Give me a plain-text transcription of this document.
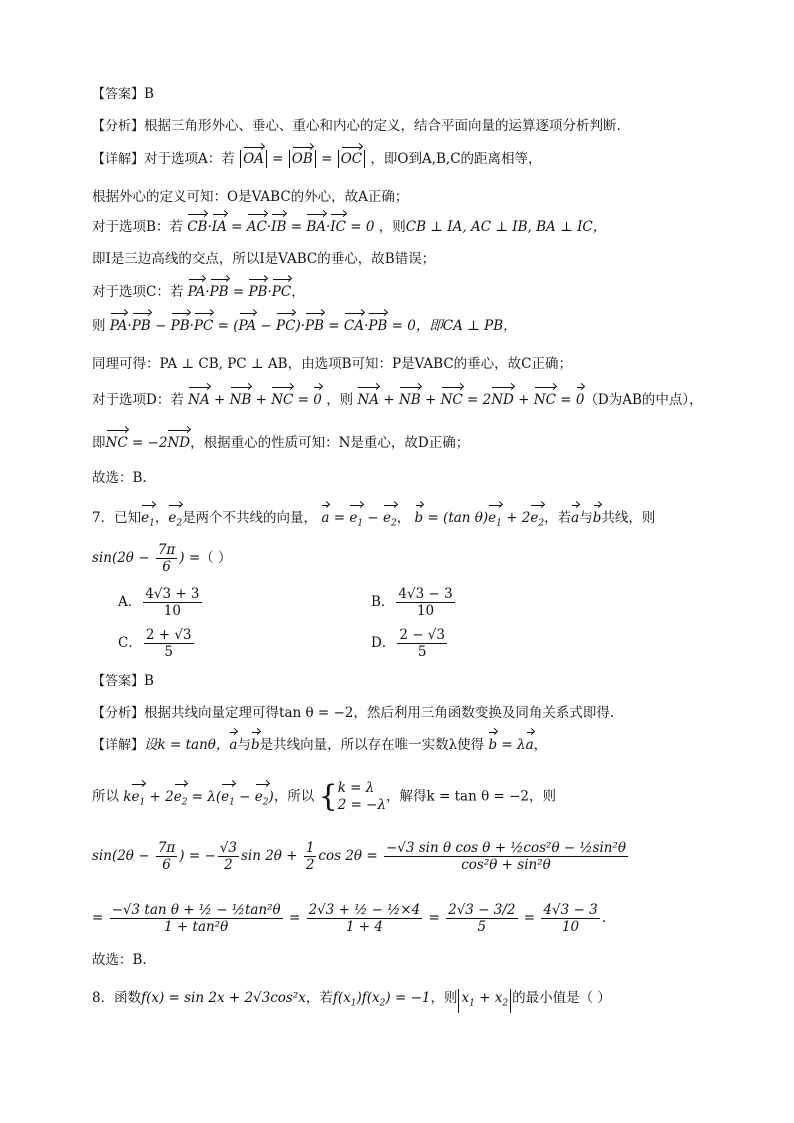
【答案】B
【分析】根据三角形外心、垂心、重心和内心的定义，结合平面向量的运算逐项分析判断.
【详解】对于选项A：若 OA = OB = OC ，即O到A,B,C的距离相等，
根据外心的定义可知：O是VABC的外心，故A正确；
对于选项B：若 CB·IA = AC·IB = BA·IC = 0 ，则CB ⊥ IA, AC ⊥ IB, BA ⊥ IC，
即I是三边高线的交点，所以I是VABC的垂心，故B错误；
对于选项C：若 PA·PB = PB·PC，
则 PA·PB − PB·PC = (PA − PC)·PB = CA·PB = 0，即CA ⊥ PB，
同理可得：PA ⊥ CB, PC ⊥ AB，由选项B可知：P是VABC的垂心，故C正确；
对于选项D：若 NA + NB + NC = 0 ，则 NA + NB + NC = 2ND + NC = 0（D为AB的中点），
即NC = −2ND，根据重心的性质可知：N是重心，故D正确；
故选：B.
7．已知$e_1$，$e_2$是两个不共线的向量， $a = e_1 - e_2$， b = (tan $\theta)e_1 + 2e_2$，若a与b共线，则
$\sin(2\theta - \frac{7\pi}{6}$ ) =（ ）
A． $\frac{4√3 + 3}{10}$	B． $\frac{4√3 - 3}{10}$
C． $\frac{2 + √3}{5}$	D． $\frac{2 - √3}{5}$
【答案】B
【分析】根据共线向量定理可得tan θ = −2，然后利用三角函数变换及同角关系式即得.
【详解】设k = tanθ，a与b是共线向量，所以存在唯一实数λ使得 b = λa，
所以 $ke_1 + 2e_2 = \lambda(e_1 - e_2)$，所以 { k = λ
2 = −λ
，解得k = tan θ = −2，则
$\sin(2\theta - \frac{7\pi}{6}$ ) = − $\frac{√3}{2}$ $\sin 2\theta + \frac{1}{2}$ $\cos 2\theta = \frac{\text{−√3 sin θ cos θ + ½cos²θ − ½sin²θ}}{\text{cos²θ + sin²θ}}$
= $\frac{\text{−√3 tan θ + ½ − ½tan²θ}}{\text{1 + tan²θ}} = \frac{\text{2√3 + ½ − ½×4}}{1 + 4} = \frac{2√3 - 3/2}{5} = \frac{4√3 - 3}{10}$ .
故选：B.
8．函数f(x) = sin 2x + 2√3cos²x，若$f(x_1)f(x_2) = -1$，则 $x_1 + x_2$ 的最小值是（ ）
